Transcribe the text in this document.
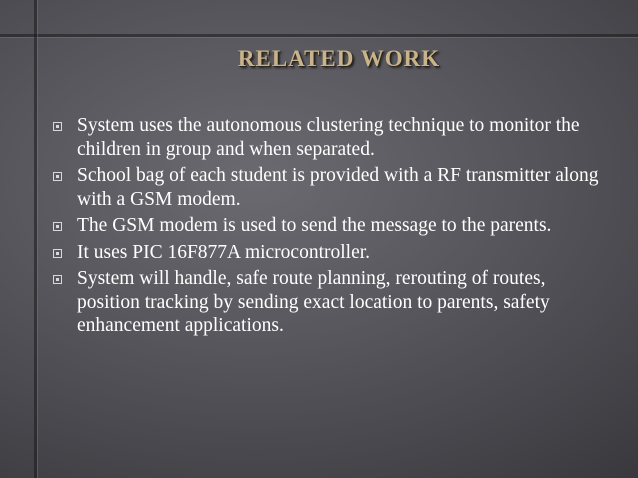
RELATED WORK
System uses the autonomous clustering technique to monitor the children in group and when separated.
School bag of each student is provided with a RF transmitter along with a GSM modem.
The GSM modem is used to send the message to the parents.
It uses PIC 16F877A microcontroller.
System will handle, safe route planning, rerouting of routes, position tracking by sending exact location to parents, safety enhancement applications.
